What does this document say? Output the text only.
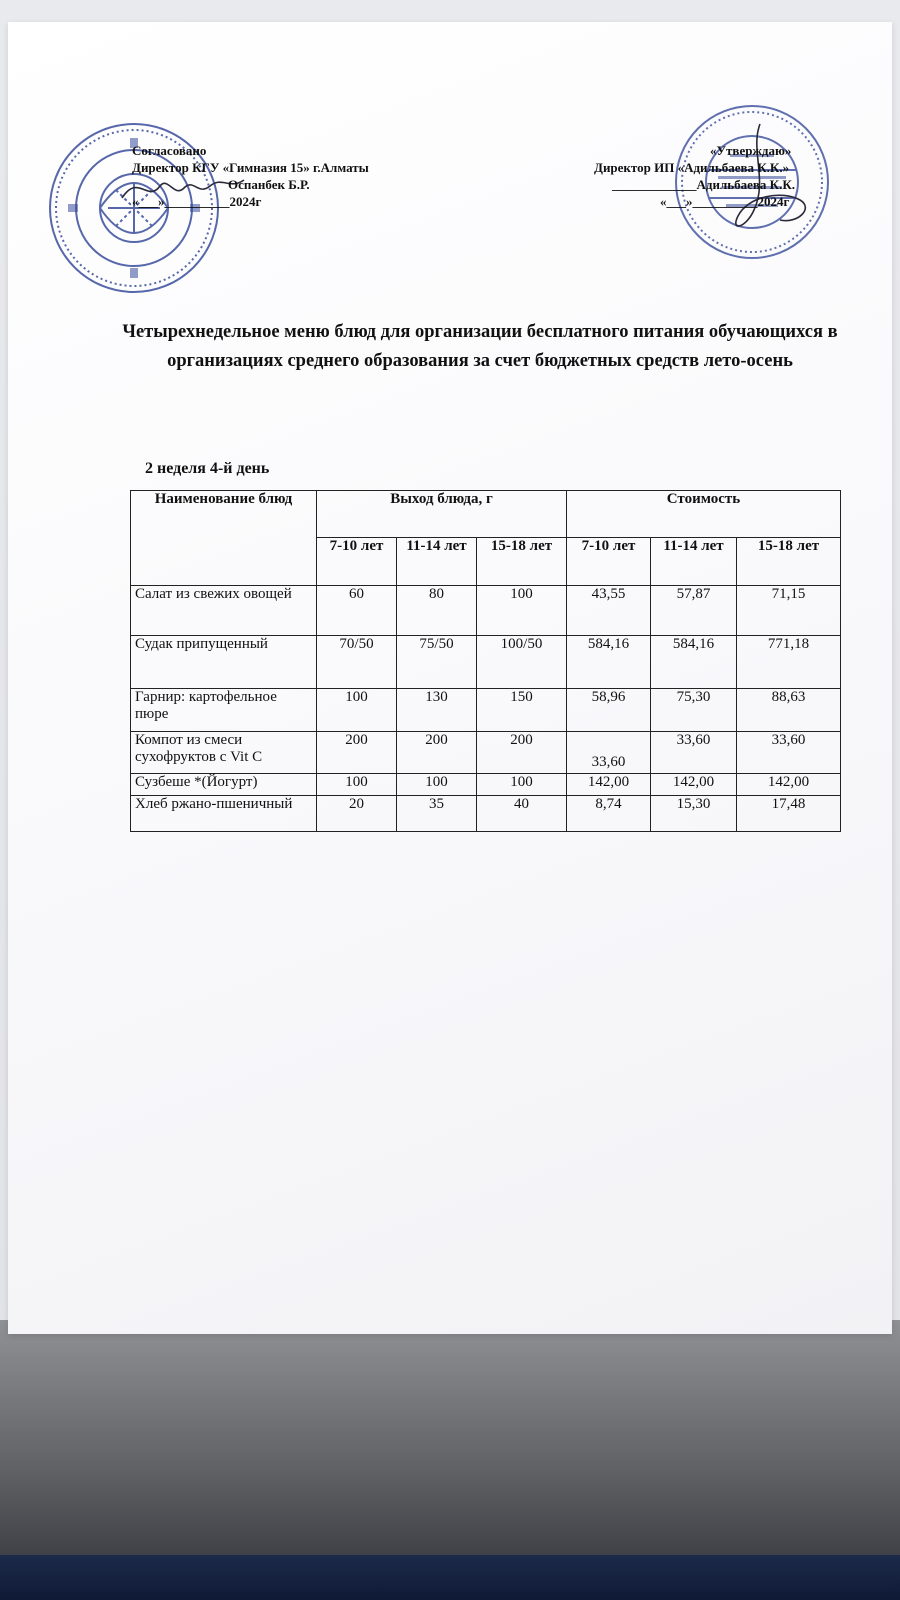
Согласовано
Директор КГУ «Гимназия 15» г.Алматы
Оспанбек Б.Р.
«___»__________2024г
«Утверждаю»
Директор ИП «Адильбаева К.К.»
_____________Адильбаева К.К.
«___»__________2024г
Четырехнедельное меню блюд для организации бесплатного питания обучающихся в организациях среднего образования за счет бюджетных средств лето-осень
2 неделя 4-й день
Наименование блюд	Выход блюда, г			Стоимость		
	7-10 лет	11-14 лет	15-18 лет	7-10 лет	11-14 лет	15-18 лет
Салат из свежих овощей	60	80	100	43,55	57,87	71,15
Судак припущенный	70/50	75/50	100/50	584,16	584,16	771,18
Гарнир: картофельное пюре	100	130	150	58,96	75,30	88,63
Компот из смеси сухофруктов с Vit C	200	200	200	33,60	33,60	33,60
Сузбеше *(Йогурт)	100	100	100	142,00	142,00	142,00
Хлеб ржано-пшеничный	20	35	40	8,74	15,30	17,48
